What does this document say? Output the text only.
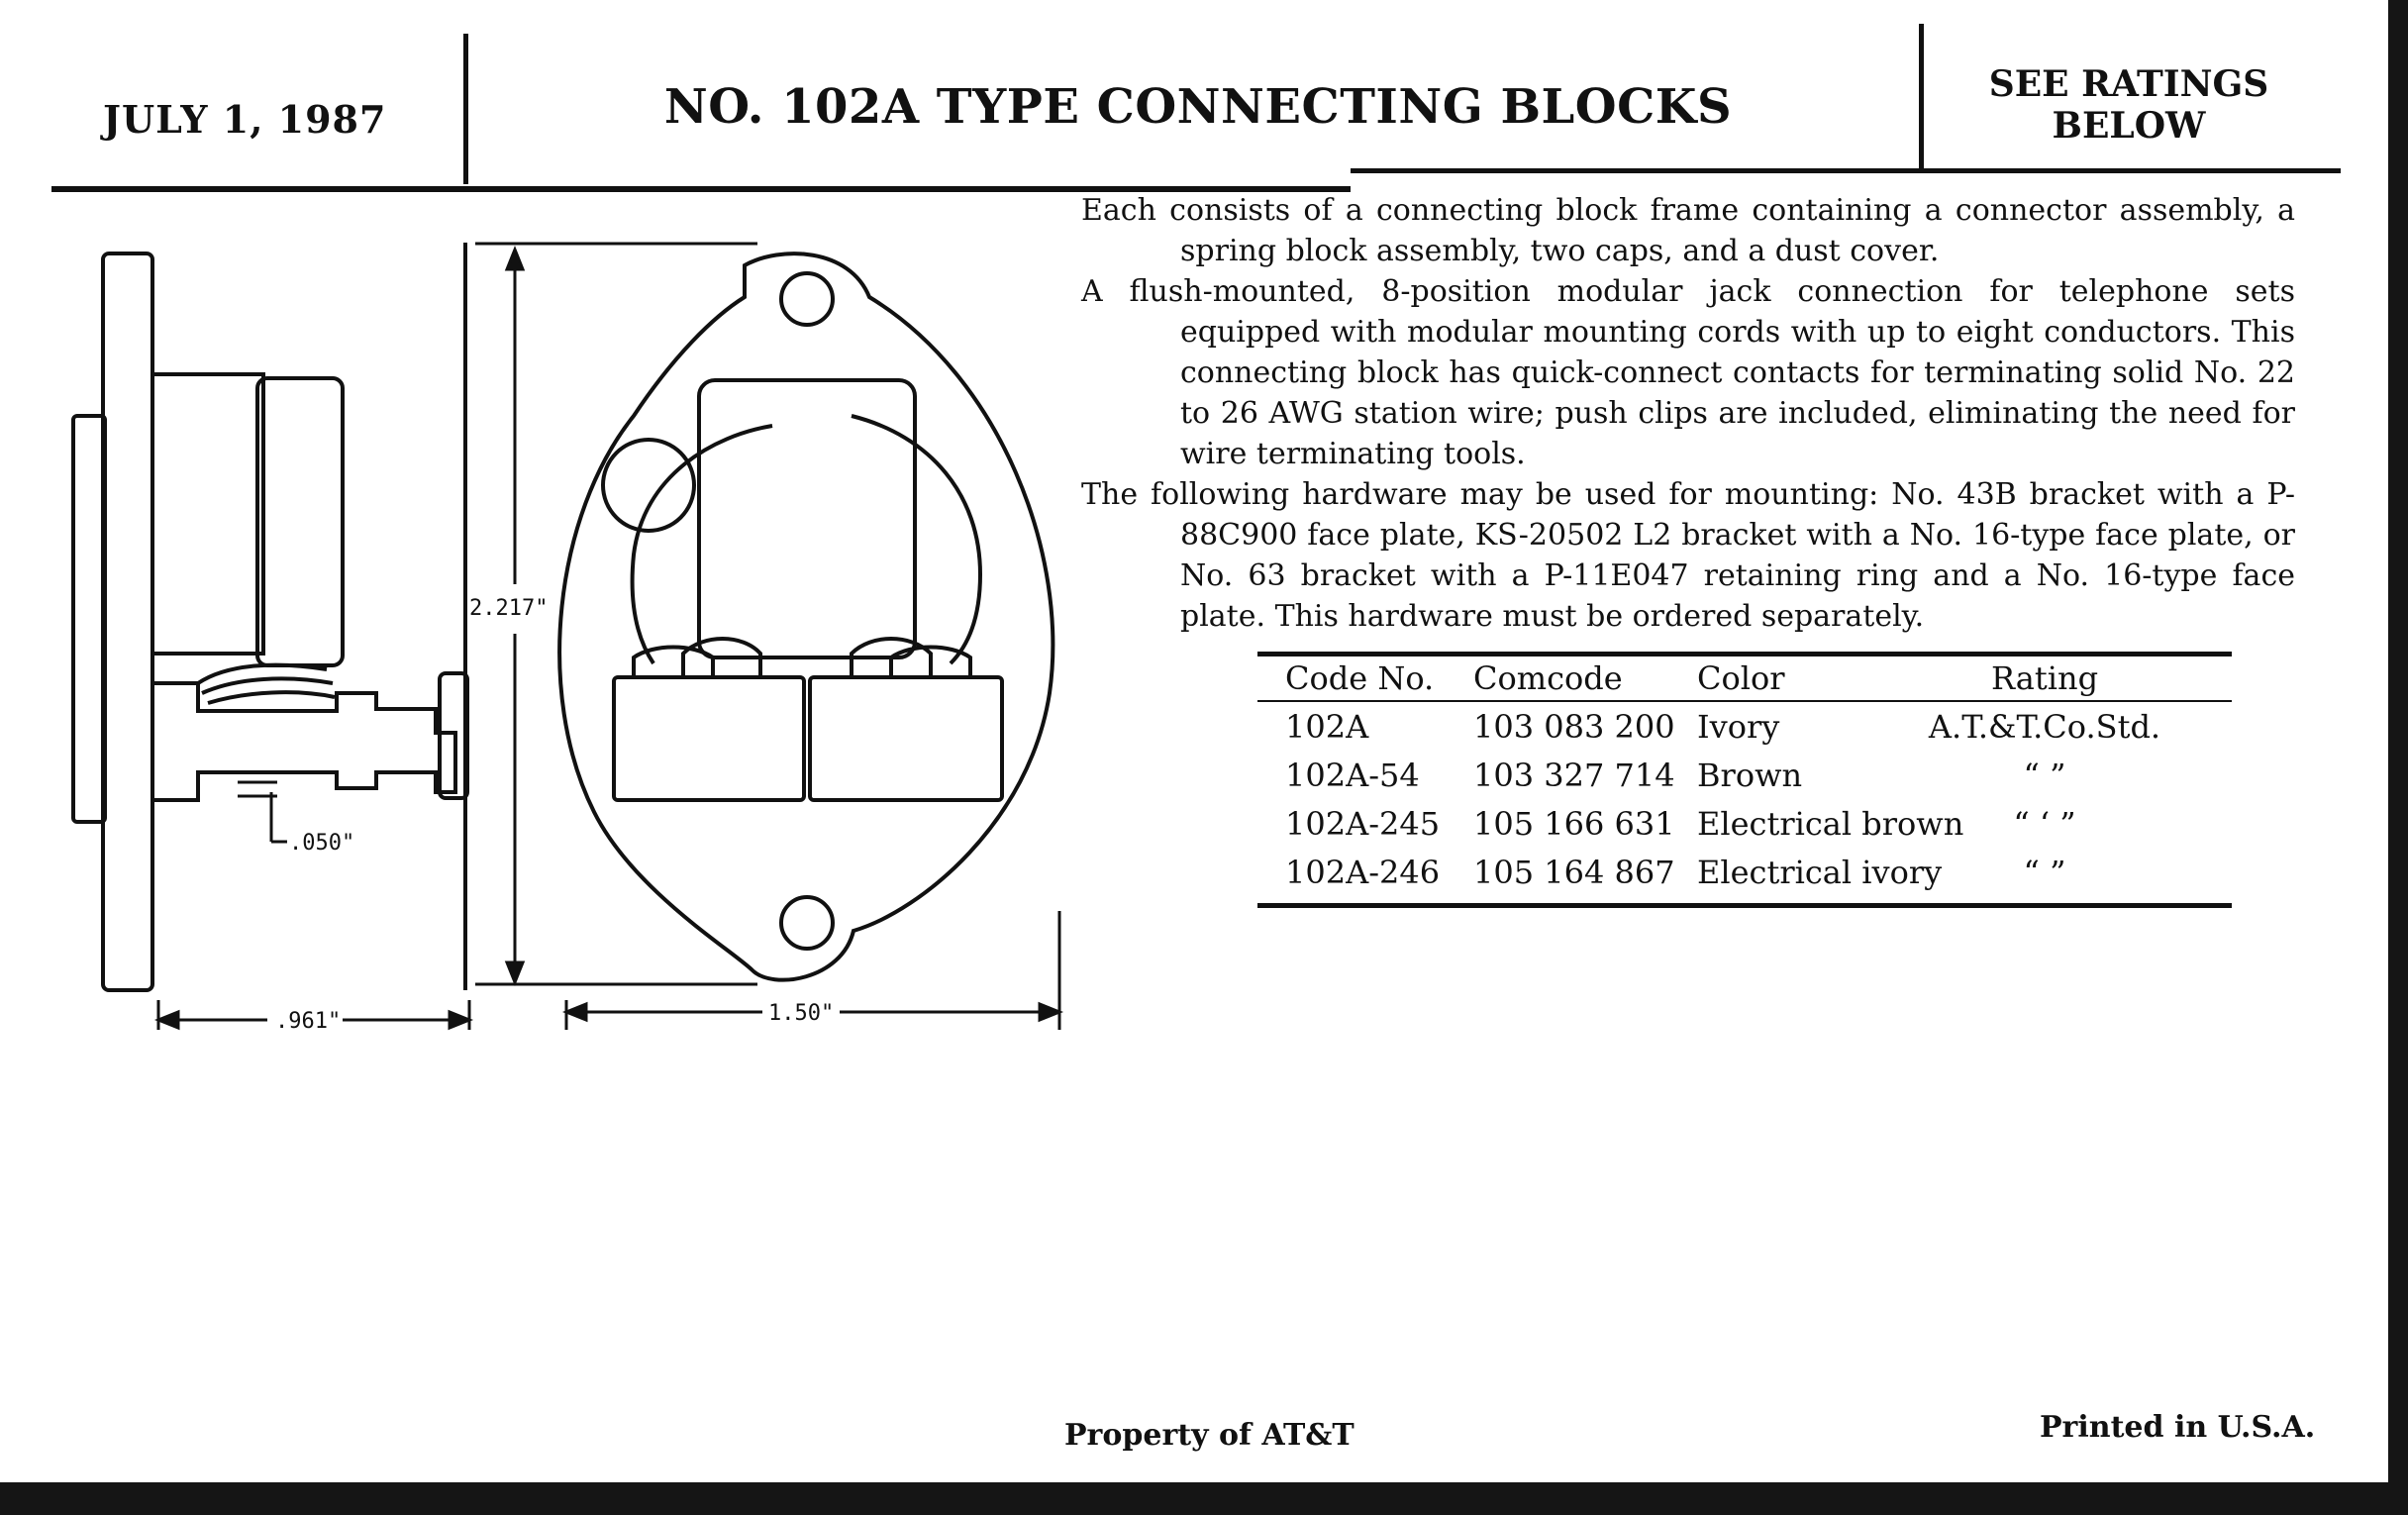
JULY 1, 1987	NO. 102A TYPE CONNECTING BLOCKS	SEE RATINGS
BELOW
2.217"
.050"
.961"	1.50"

Each consists of a connecting block frame containing a connector assembly, a spring block assembly, two caps, and a dust cover.

A flush-mounted, 8-position modular jack connection for telephone sets equipped with modular mounting cords with up to eight conductors. This connecting block has quick-connect contacts for terminating solid No. 22 to 26 AWG station wire; push clips are included, eliminating the need for wire terminating tools.

The following hardware may be used for mounting: No. 43B bracket with a P-88C900 face plate, KS-20502 L2 bracket with a No. 16-type face plate, or No. 63 bracket with a P-11E047 retaining ring and a No. 16-type face plate. This hardware must be ordered separately.

Code No. Comcode Color	Rating
102A	103 083 200 Ivory	A.T.&T.Co.Std.
102A-54 103 327 714 Brown	“ ”
102A-245 105 166 631 Electrical brown	“ ‘ ”
102A-246 105 164 867 Electrical ivory	“ ”
Property of AT&T	Printed in U.S.A.
